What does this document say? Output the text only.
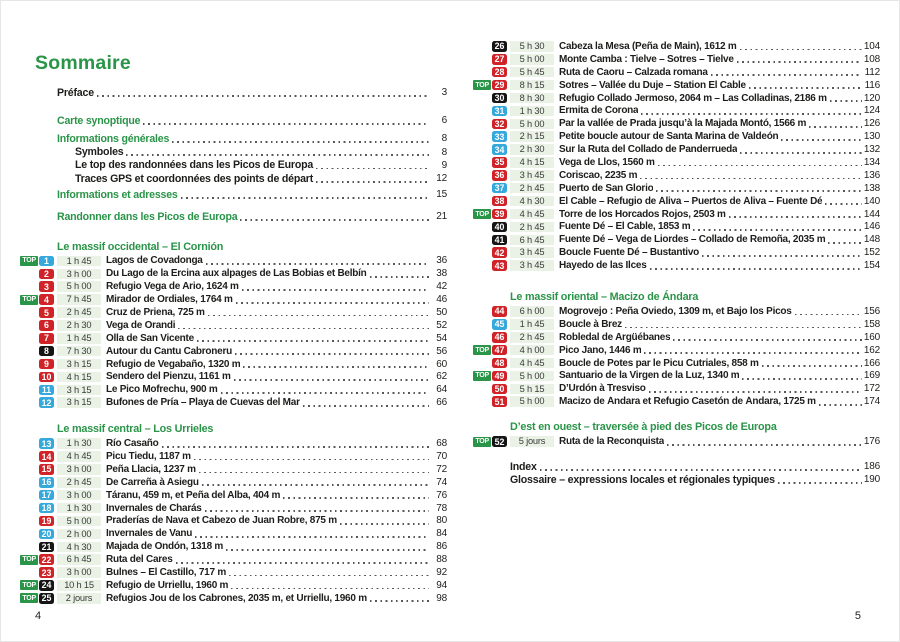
Sommaire
Préface	3
Carte synoptique	6
Informations générales	8
Symboles	8
Le top des randonnées dans les Picos de Europa	9
Traces GPS et coordonnées des points de départ	12
Informations et adresses	15
Randonner dans les Picos de Europa	21
Le massif occidental – El Cornión
TOP 1	1 h 45	Lagos de Covadonga	36
2	3 h 00	Du Lago de la Ercina aux alpages de Las Bobias et Belbín	38
3	5 h 00	Refugio Vega de Ario, 1624 m	42
TOP 4	7 h 45	Mirador de Ordiales, 1764 m	46
5	2 h 45	Cruz de Priena, 725 m	50
6	2 h 30	Vega de Orandi	52
7	1 h 45	Olla de San Vicente	54
8	7 h 30	Autour du Cantu Cabroneru	56
9	3 h 15	Refugio de Vegabaño, 1320 m	60
10	4 h 15	Sendero del Pienzu, 1161 m	62
11	3 h 15	Le Pico Mofrechu, 900 m	64
12	3 h 15	Bufones de Pría – Playa de Cuevas del Mar	66
Le massif central – Los Urrieles
13	1 h 30	Río Casaño	68
14	4 h 45	Picu Tiedu, 1187 m	70
15	3 h 00	Peña Llacia, 1237 m	72
16	2 h 45	De Carreña à Asiegu	74
17	3 h 00	Táranu, 459 m, et Peña del Alba, 404 m	76
18	1 h 30	Invernales de Charás	78
19	5 h 00	Praderías de Nava et Cabezo de Juan Robre, 875 m	80
20	2 h 00	Invernales de Vanu	84
21	4 h 30	Majada de Ondón, 1318 m	86
TOP 22	6 h 45	Ruta del Cares	88
23	3 h 00	Bulnes – El Castillo, 717 m	92
TOP 24	10 h 15	Refugio de Urriellu, 1960 m	94
TOP 25	2 jours	Refugios Jou de los Cabrones, 2035 m, et Urriellu, 1960 m	98
26	5 h 30	Cabeza la Mesa (Peña de Main), 1612 m	104
27	5 h 00	Monte Camba : Tielve – Sotres – Tielve	108
28	5 h 45	Ruta de Caoru – Calzada romana	112
TOP 29	8 h 15	Sotres – Vallée du Duje – Station El Cable	116
30	8 h 30	Refugio Collado Jermoso, 2064 m – Las Colladinas, 2186 m	120
31	1 h 30	Ermita de Corona	124
32	5 h 00	Par la vallée de Prada jusqu’à la Majada Montó, 1566 m	126
33	2 h 15	Petite boucle autour de Santa Marina de Valdeón	130
34	2 h 30	Sur la Ruta del Collado de Panderrueda	132
35	4 h 15	Vega de Llos, 1560 m	134
36	3 h 45	Coriscao, 2235 m	136
37	2 h 45	Puerto de San Glorio	138
38	4 h 30	El Cable – Refugio de Áliva – Puertos de Áliva – Fuente Dé	140
TOP 39	4 h 45	Torre de los Horcados Rojos, 2503 m	144
40	2 h 45	Fuente Dé – El Cable, 1853 m	146
41	6 h 45	Fuente Dé – Vega de Liordes – Collado de Remoña, 2035 m	148
42	3 h 45	Boucle Fuente Dé – Bustantivo	152
43	3 h 45	Hayedo de las Ilces	154
Le massif oriental – Macizo de Ándara
44	6 h 00	Mogrovejo : Peña Oviedo, 1309 m, et Bajo los Picos	156
45	1 h 45	Boucle à Brez	158
46	2 h 45	Robledal de Argüébanes	160
TOP 47	4 h 00	Pico Jano, 1446 m	162
48	4 h 45	Boucle de Potes par le Picu Cutriales, 858 m	166
TOP 49	5 h 00	Santuario de la Virgen de la Luz, 1340 m	169
50	5 h 15	D’Urdón à Tresviso	172
51	5 h 00	Macizo de Ándara et Refugio Casetón de Ándara, 1725 m	174
D’est en ouest – traversée à pied des Picos de Europa
TOP 52	5 jours	Ruta de la Reconquista	176
Index	186
Glossaire – expressions locales et régionales typiques	190
4	5
